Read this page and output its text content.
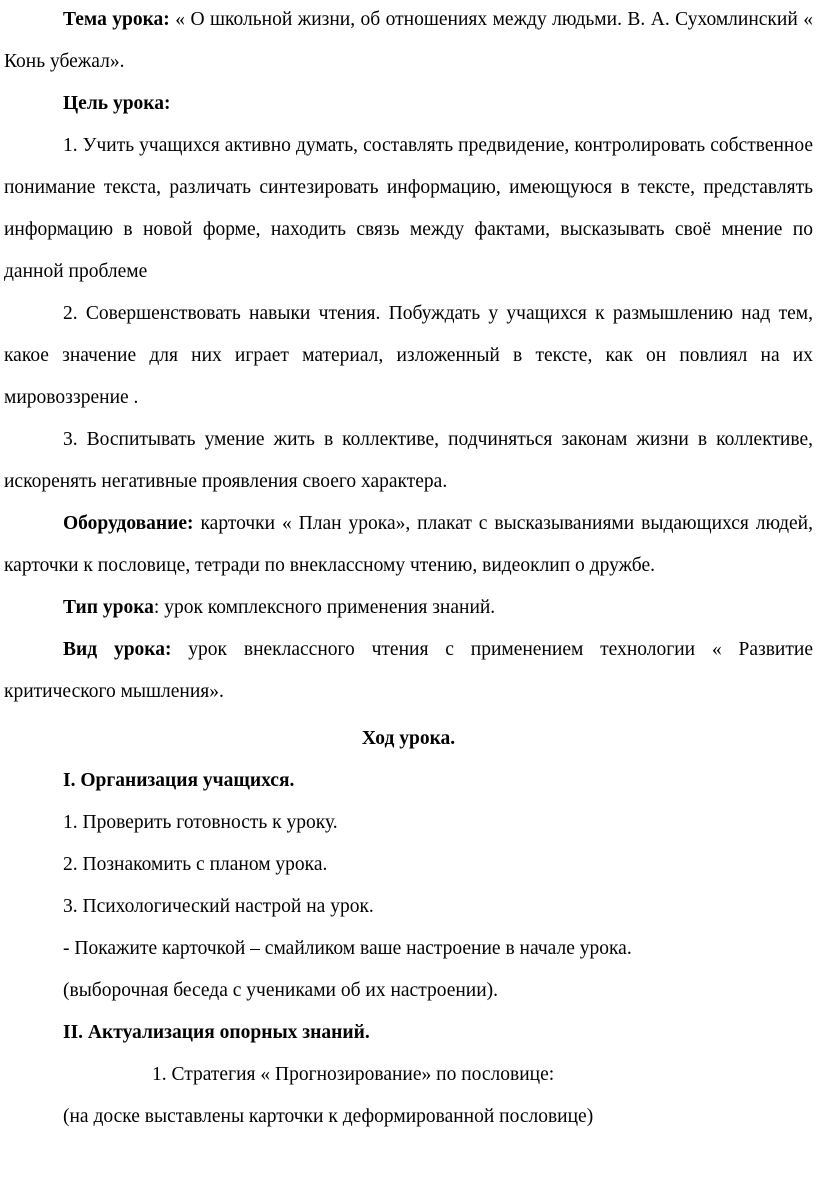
Тема урока: « О школьной жизни, об отношениях между людьми. В. А. Сухомлинский « Конь убежал».

Цель урока:

1. Учить учащихся активно думать, составлять предвидение, контролировать собственное понимание текста, различать синтезировать информацию, имеющуюся в тексте, представлять информацию в новой форме, находить связь между фактами, высказывать своё мнение по данной проблеме

2. Совершенствовать навыки чтения. Побуждать у учащихся к размышлению над тем, какое значение для них играет материал, изложенный в тексте, как он повлиял на их мировоззрение .

3. Воспитывать умение жить в коллективе, подчиняться законам жизни в коллективе, искоренять негативные проявления своего характера.

Оборудование: карточки « План урока», плакат с высказываниями выдающихся людей, карточки к пословице, тетради по внеклассному чтению, видеоклип о дружбе.

Тип урока: урок комплексного применения знаний.

Вид урока: урок внеклассного чтения с применением технологии « Развитие критического мышления».

Ход урока.

I. Организация учащихся.

1. Проверить готовность к уроку.

2. Познакомить с планом урока.

3. Психологический настрой на урок.

- Покажите карточкой – смайликом ваше настроение в начале урока.

(выборочная беседа с учениками об их настроении).

II. Актуализация опорных знаний.

1. Стратегия « Прогнозирование» по пословице:

(на доске выставлены карточки к деформированной пословице)
